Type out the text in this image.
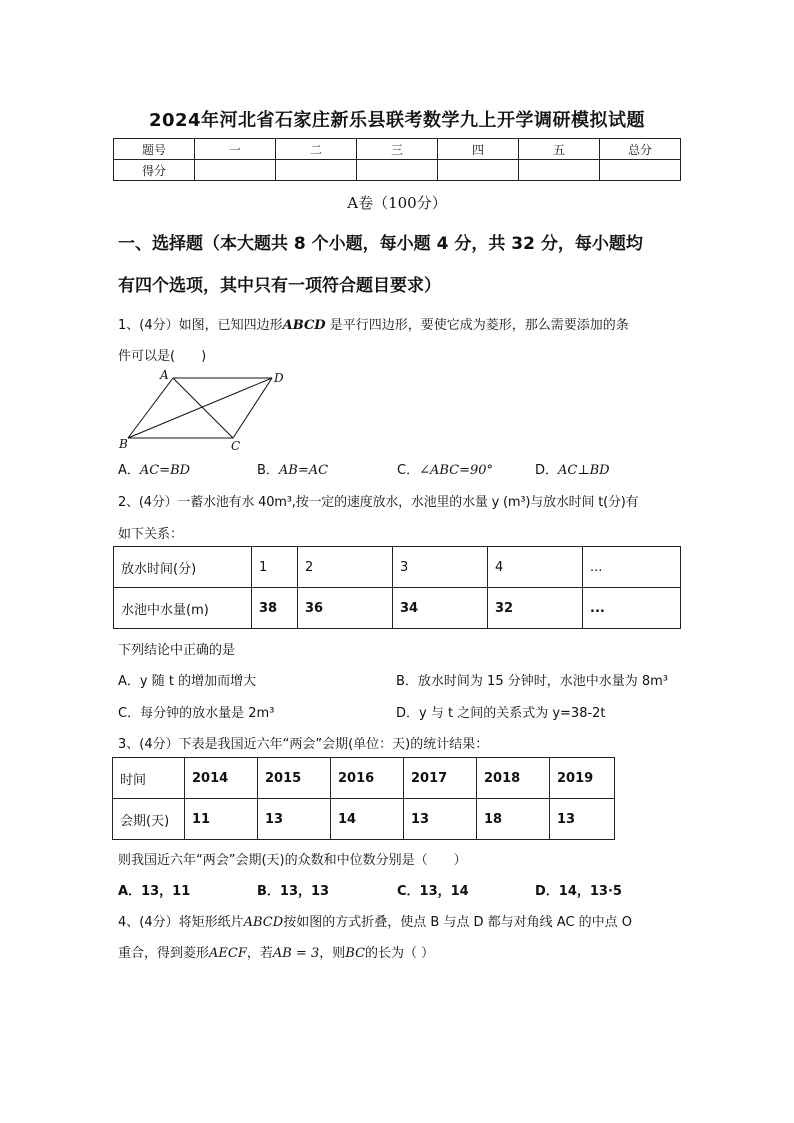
2024年河北省石家庄新乐县联考数学九上开学调研模拟试题
题号	一	二	三	四	五	总分
得分						
A卷（100分）
一、选择题（本大题共 8 个小题，每小题 4 分，共 32 分，每小题均
有四个选项，其中只有一项符合题目要求）
1、(4分）如图，已知四边形ABCD 是平行四边形，要使它成为菱形，那么需要添加的条
件可以是(　　)
A	D
B	C
A．AC=BD	B．AB=AC	C．∠ABC=90°	D．AC⊥BD
2、(4分）一蓄水池有水 40m³,按一定的速度放水，水池里的水量 y (m³)与放水时间 t(分)有
如下关系：
放水时间(分)	1	2	3	4	...
水池中水量(m)	38	36	34	32	...
下列结论中正确的是
A．y 随 t 的增加而增大	B．放水时间为 15 分钟时，水池中水量为 8m³
C．每分钟的放水量是 2m³	D．y 与 t 之间的关系式为 y=38-2t
3、(4分）下表是我国近六年“两会”会期(单位：天)的统计结果：
时间	2014	2015	2016	2017	2018	2019
会期(天)	11	13	14	13	18	13
则我国近六年“两会”会期(天)的众数和中位数分别是（　　）
A．13，11	B．13，13	C．13，14	D．14，13·5
4、(4分）将矩形纸片ABCD按如图的方式折叠，使点 B 与点 D 都与对角线 AC 的中点 O
重合，得到菱形AECF，若AB = 3，则BC的长为（ ）
